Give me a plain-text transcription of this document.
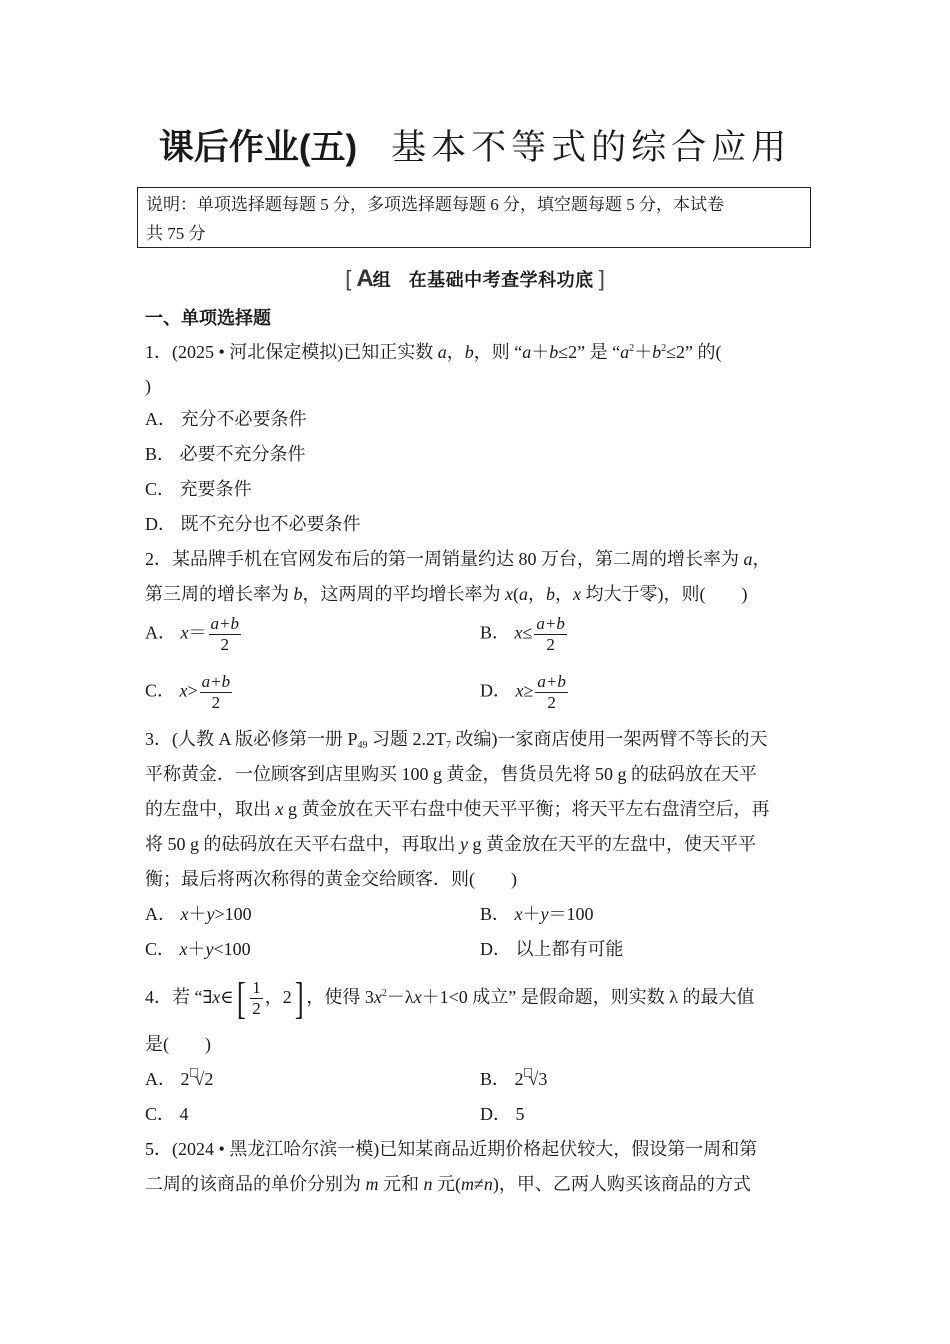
课后作业(五) 基本不等式的综合应用
说明：单项选择题每题 5 分，多项选择题每题 6 分，填空题每题 5 分，本试卷
共 75 分
[ A组 在基础中考查学科功底 ]
一、单项选择题
1．(2025 • 河北保定模拟)已知正实数 a，b，则 “a＋b≤2” 是 “$a^2+b^2\le 2$” 的(
)
A． 充分不必要条件
B． 必要不充分条件
C． 充要条件
D． 既不充分也不必要条件
2．某品牌手机在官网发布后的第一周销量约达 80 万台，第二周的增长率为 a，
第三周的增长率为 b，这两周的平均增长率为 x(a，b，x 均大于零)，则(　　)
A． $x= \frac{a+b}{2}$	B． $x\le \frac{a+b}{2}$
C． $x> \frac{a+b}{2}$	D． $x\ge \frac{a+b}{2}$
3．(人教 A 版必修第一册 $P_{49}$ 习题 $2.2T_7$ 改编)一家商店使用一架两臂不等长的天
平称黄金．一位顾客到店里购买 100 g 黄金，售货员先将 50 g 的砝码放在天平
的左盘中，取出 x g 黄金放在天平右盘中使天平平衡；将天平左右盘清空后，再
将 50 g 的砝码放在天平右盘中，再取出 y g 黄金放在天平的左盘中，使天平平
衡；最后将两次称得的黄金交给顾客．则(　　)
A． x＋y>100	B． x＋y＝100
C． x＋y<100	D． 以上都有可能
4．若 “∃x∈[ $\frac{1}{2}$ ，2] ，使得 $3x^2-\lambda x+1<0$ 成立” 是假命题，则实数 λ 的最大值
是(　　)
A． 2 √2	B． 2 √3
C． 4	D． 5
5．(2024 • 黑龙江哈尔滨一模)已知某商品近期价格起伏较大，假设第一周和第
二周的该商品的单价分别为 m 元和 n 元(m≠n)，甲、乙两人购买该商品的方式
